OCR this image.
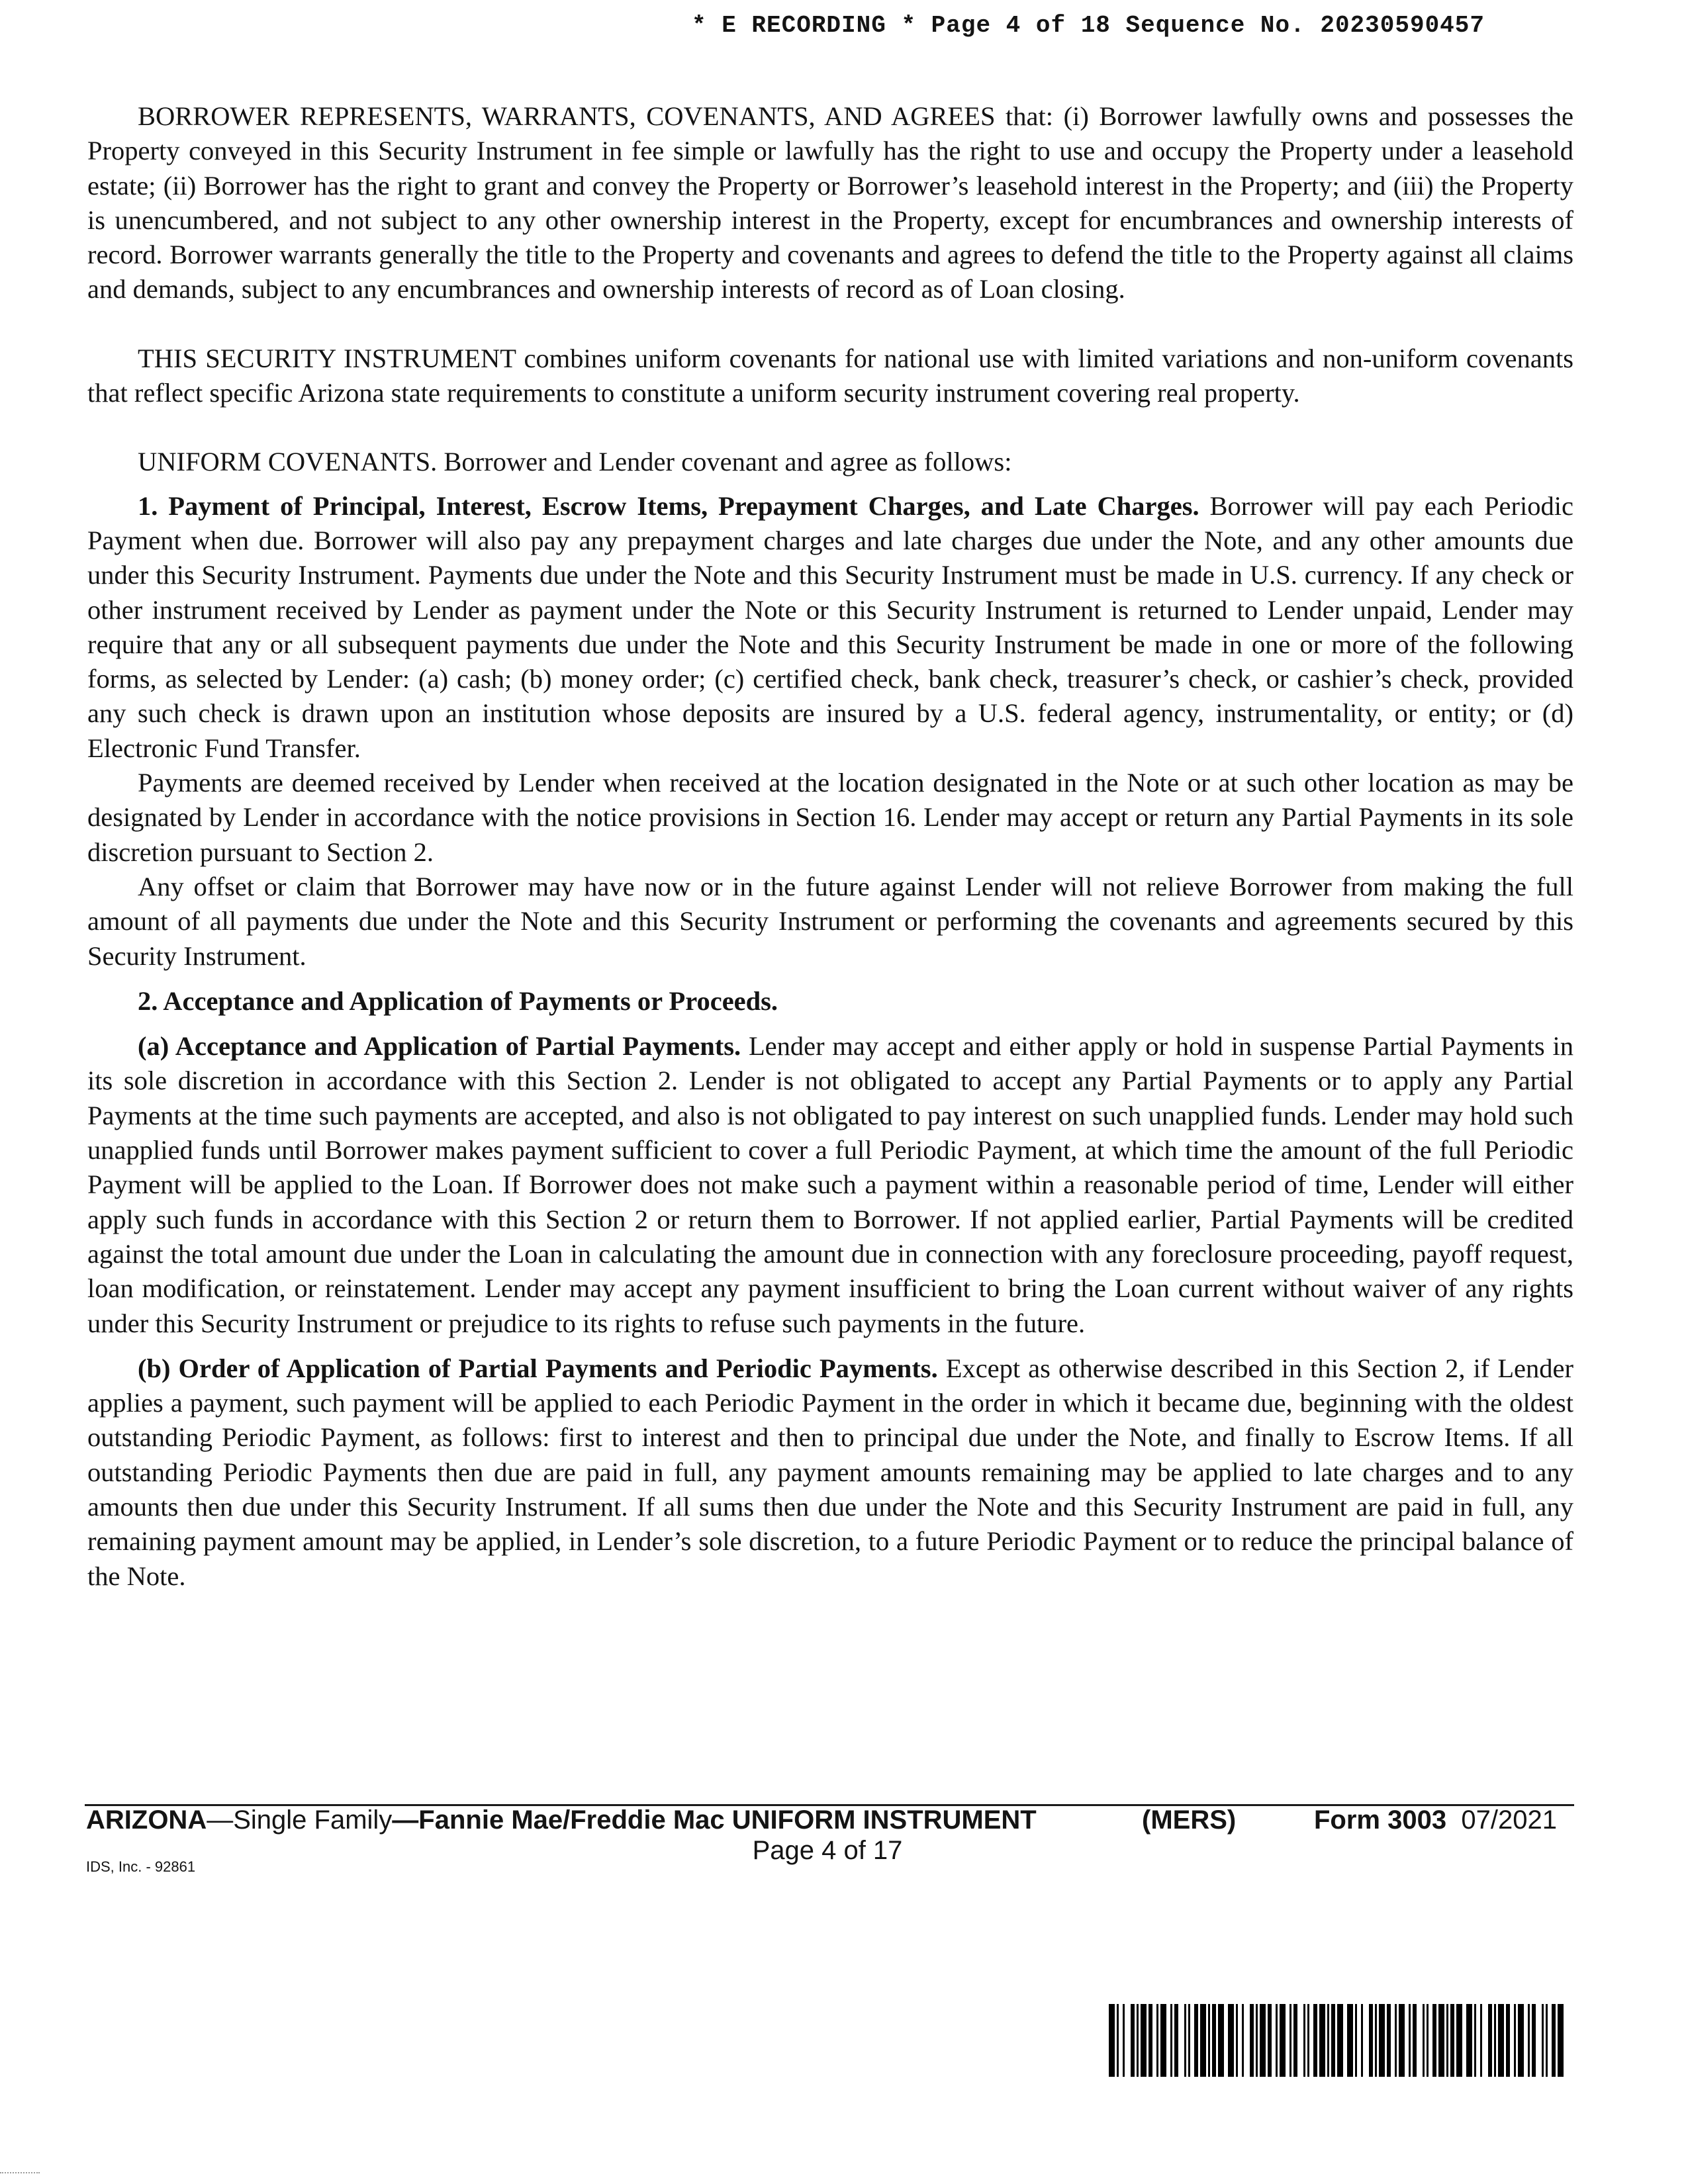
* E RECORDING * Page 4 of 18 Sequence No. 20230590457

BORROWER REPRESENTS, WARRANTS, COVENANTS, AND AGREES that: (i) Borrower lawfully owns and possesses the Property conveyed in this Security Instrument in fee simple or lawfully has the right to use and occupy the Property under a leasehold estate; (ii) Borrower has the right to grant and convey the Property or Borrower’s leasehold interest in the Property; and (iii) the Property is unencumbered, and not subject to any other ownership interest in the Property, except for encumbrances and ownership interests of record. Borrower warrants generally the title to the Property and covenants and agrees to defend the title to the Property against all claims and demands, subject to any encumbrances and ownership interests of record as of Loan closing.

THIS SECURITY INSTRUMENT combines uniform covenants for national use with limited variations and non-uniform covenants that reflect specific Arizona state requirements to constitute a uniform security instrument covering real property.

UNIFORM COVENANTS. Borrower and Lender covenant and agree as follows:

1. Payment of Principal, Interest, Escrow Items, Prepayment Charges, and Late Charges. Borrower will pay each Periodic Payment when due. Borrower will also pay any prepayment charges and late charges due under the Note, and any other amounts due under this Security Instrument. Payments due under the Note and this Security Instrument must be made in U.S. currency. If any check or other instrument received by Lender as payment under the Note or this Security Instrument is returned to Lender unpaid, Lender may require that any or all subsequent payments due under the Note and this Security Instrument be made in one or more of the following forms, as selected by Lender: (a) cash; (b) money order; (c) certified check, bank check, treasurer’s check, or cashier’s check, provided any such check is drawn upon an institution whose deposits are insured by a U.S. federal agency, instrumentality, or entity; or (d) Electronic Fund Transfer.

Payments are deemed received by Lender when received at the location designated in the Note or at such other location as may be designated by Lender in accordance with the notice provisions in Section 16. Lender may accept or return any Partial Payments in its sole discretion pursuant to Section 2.

Any offset or claim that Borrower may have now or in the future against Lender will not relieve Borrower from making the full amount of all payments due under the Note and this Security Instrument or performing the covenants and agreements secured by this Security Instrument.

2. Acceptance and Application of Payments or Proceeds.

(a) Acceptance and Application of Partial Payments. Lender may accept and either apply or hold in suspense Partial Payments in its sole discretion in accordance with this Section 2. Lender is not obligated to accept any Partial Payments or to apply any Partial Payments at the time such payments are accepted, and also is not obligated to pay interest on such unapplied funds. Lender may hold such unapplied funds until Borrower makes payment sufficient to cover a full Periodic Payment, at which time the amount of the full Periodic Payment will be applied to the Loan. If Borrower does not make such a payment within a reasonable period of time, Lender will either apply such funds in accordance with this Section 2 or return them to Borrower. If not applied earlier, Partial Payments will be credited against the total amount due under the Loan in calculating the amount due in connection with any foreclosure proceeding, payoff request, loan modification, or reinstatement. Lender may accept any payment insufficient to bring the Loan current without waiver of any rights under this Security Instrument or prejudice to its rights to refuse such payments in the future.

(b) Order of Application of Partial Payments and Periodic Payments. Except as otherwise described in this Section 2, if Lender applies a payment, such payment will be applied to each Periodic Payment in the order in which it became due, beginning with the oldest outstanding Periodic Payment, as follows: first to interest and then to principal due under the Note, and finally to Escrow Items. If all outstanding Periodic Payments then due are paid in full, any payment amounts remaining may be applied to late charges and to any amounts then due under this Security Instrument. If all sums then due under the Note and this Security Instrument are paid in full, any remaining payment amount may be applied, in Lender’s sole discretion, to a future Periodic Payment or to reduce the principal balance of the Note.

ARIZONA—Single Family—Fannie Mae/Freddie Mac UNIFORM INSTRUMENT	(MERS)	Form 3003 07/2021
Page 4 of 17
IDS, Inc. - 92861
